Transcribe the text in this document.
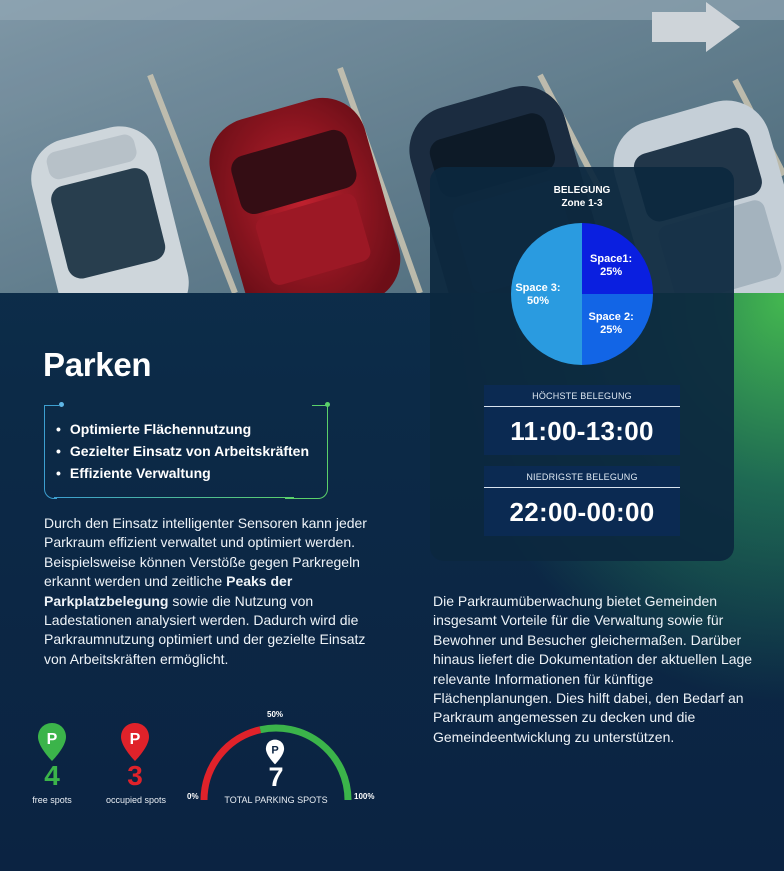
BELEGUNG
Zone 1-3
Space1:
25%
Space 2:
25%
Space 3:
50%
HÖCHSTE BELEGUNG
11:00-13:00
NIEDRIGSTE BELEGUNG
22:00-00:00
Parken
• Optimierte Flächennutzung
• Gezielter Einsatz von Arbeitskräften
• Effiziente Verwaltung
Durch den Einsatz intelligenter Sensoren kann jeder Parkraum effizient verwaltet und optimiert werden. Beispielsweise können Verstöße gegen Parkregeln erkannt werden und zeitliche Peaks der Parkplatzbelegung sowie die Nutzung von Ladestationen analysiert werden. Dadurch wird die Parkraumnutzung optimiert und der gezielte Einsatz von Arbeitskräften ermöglicht.
Die Parkraumüberwachung bietet Gemeinden insgesamt Vorteile für die Verwaltung sowie für Bewohner und Besucher gleichermaßen. Darüber hinaus liefert die Dokumentation der aktuellen Lage relevante Informationen für künftige Flächenplanungen. Dies hilft dabei, den Bedarf an Parkraum angemessen zu decken und die Gemeindeentwicklung zu unterstützen.
P
4
free spots
P
3
occupied spots
50%
0%	100%
P
7
TOTAL PARKING SPOTS
